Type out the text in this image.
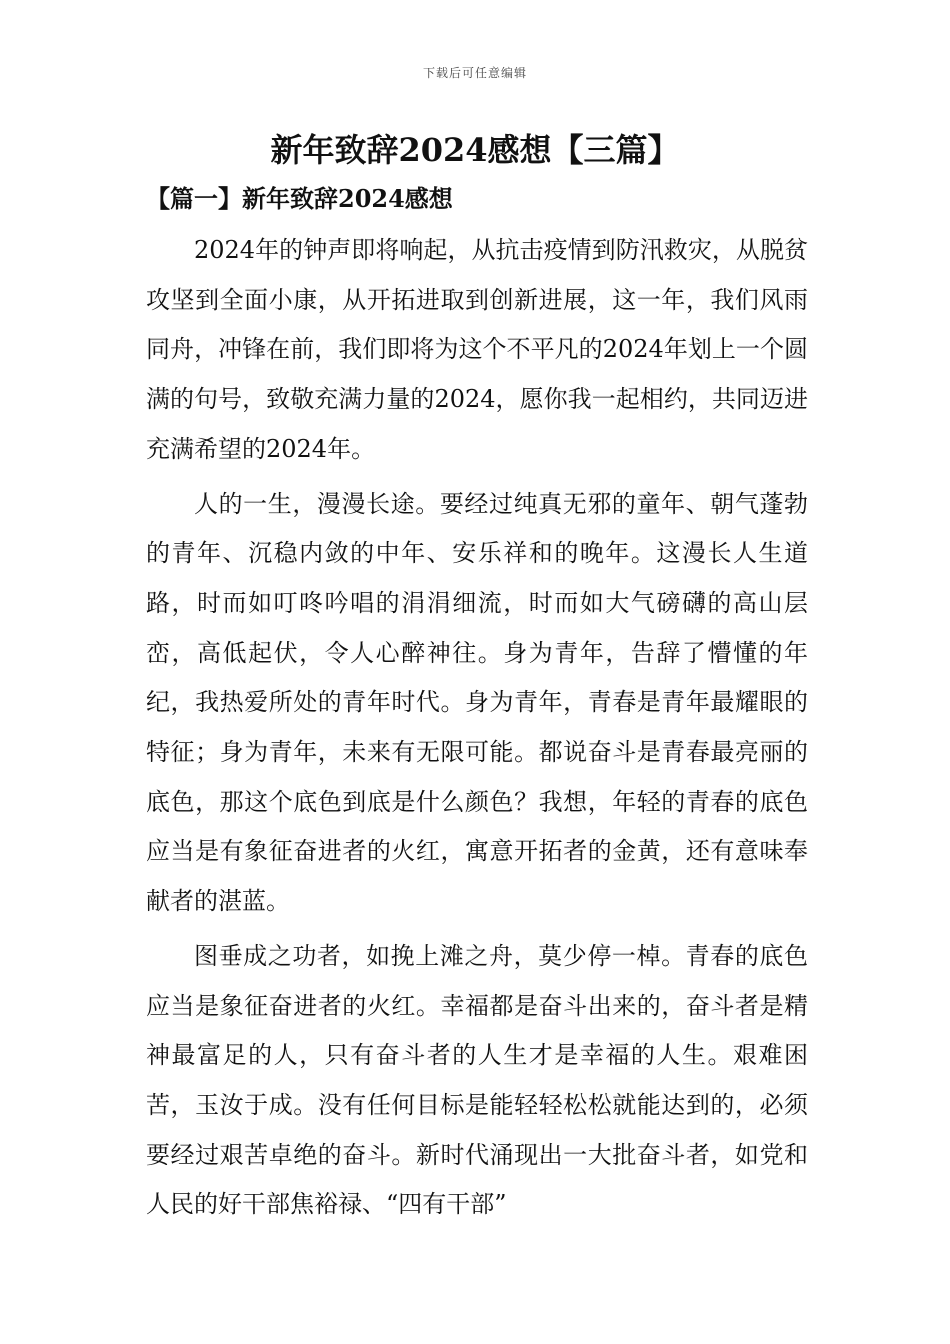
下载后可任意编辑
新年致辞2024感想【三篇】
【篇一】新年致辞2024感想

2024年的钟声即将响起，从抗击疫情到防汛救灾，从脱贫攻坚到全面小康，从开拓进取到创新进展，这一年，我们风雨同舟，冲锋在前，我们即将为这个不平凡的2024年划上一个圆满的句号，致敬充满力量的2024，愿你我一起相约，共同迈进充满希望的2024年。

人的一生，漫漫长途。要经过纯真无邪的童年、朝气蓬勃的青年、沉稳内敛的中年、安乐祥和的晚年。这漫长人生道路，时而如叮咚吟唱的涓涓细流，时而如大气磅礴的高山层峦，高低起伏，令人心醉神往。身为青年，告辞了懵懂的年纪，我热爱所处的青年时代。身为青年，青春是青年最耀眼的特征；身为青年，未来有无限可能。都说奋斗是青春最亮丽的底色，那这个底色到底是什么颜色？我想，年轻的青春的底色应当是有象征奋进者的火红，寓意开拓者的金黄，还有意味奉献者的湛蓝。

图垂成之功者，如挽上滩之舟，莫少停一棹。青春的底色应当是象征奋进者的火红。幸福都是奋斗出来的，奋斗者是精神最富足的人，只有奋斗者的人生才是幸福的人生。艰难困苦，玉汝于成。没有任何目标是能轻轻松松就能达到的，必须要经过艰苦卓绝的奋斗。新时代涌现出一大批奋斗者，如党和人民的好干部焦裕禄、“四有干部”
